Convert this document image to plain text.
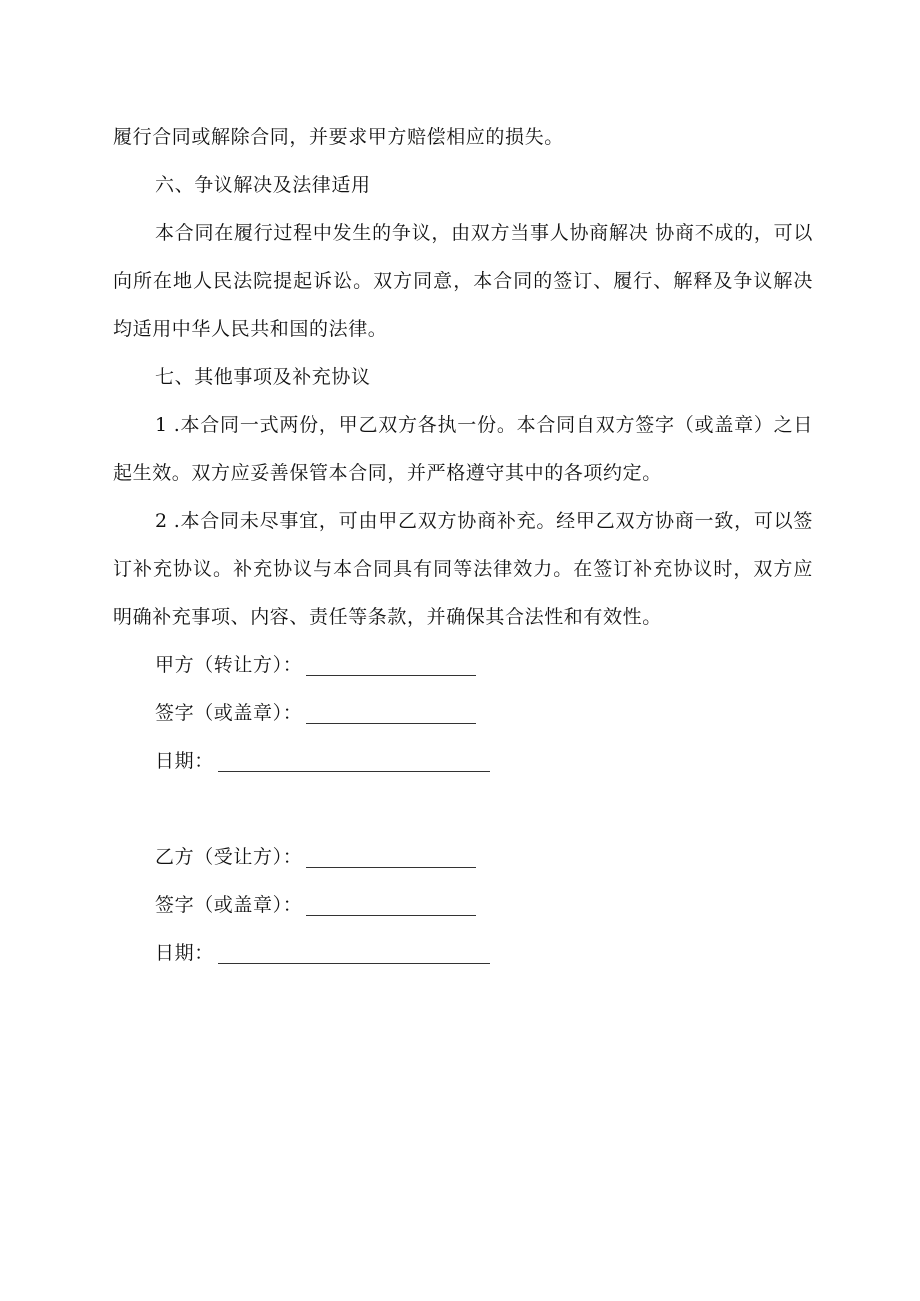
履行合同或解除合同，并要求甲方赔偿相应的损失。

六、争议解决及法律适用

本合同在履行过程中发生的争议，由双方当事人协商解决 协商不成的，可以向所在地人民法院提起诉讼。双方同意，本合同的签订、履行、解释及争议解决均适用中华人民共和国的法律。

七、其他事项及补充协议

1 .本合同一式两份，甲乙双方各执一份。本合同自双方签字（或盖章）之日起生效。双方应妥善保管本合同，并严格遵守其中的各项约定。

2 .本合同未尽事宜，可由甲乙双方协商补充。经甲乙双方协商一致，可以签订补充协议。补充协议与本合同具有同等法律效力。在签订补充协议时，双方应明确补充事项、内容、责任等条款，并确保其合法性和有效性。

甲方（转让方）：
签字（或盖章）：
日期：
乙方（受让方）：
签字（或盖章）：
日期：
